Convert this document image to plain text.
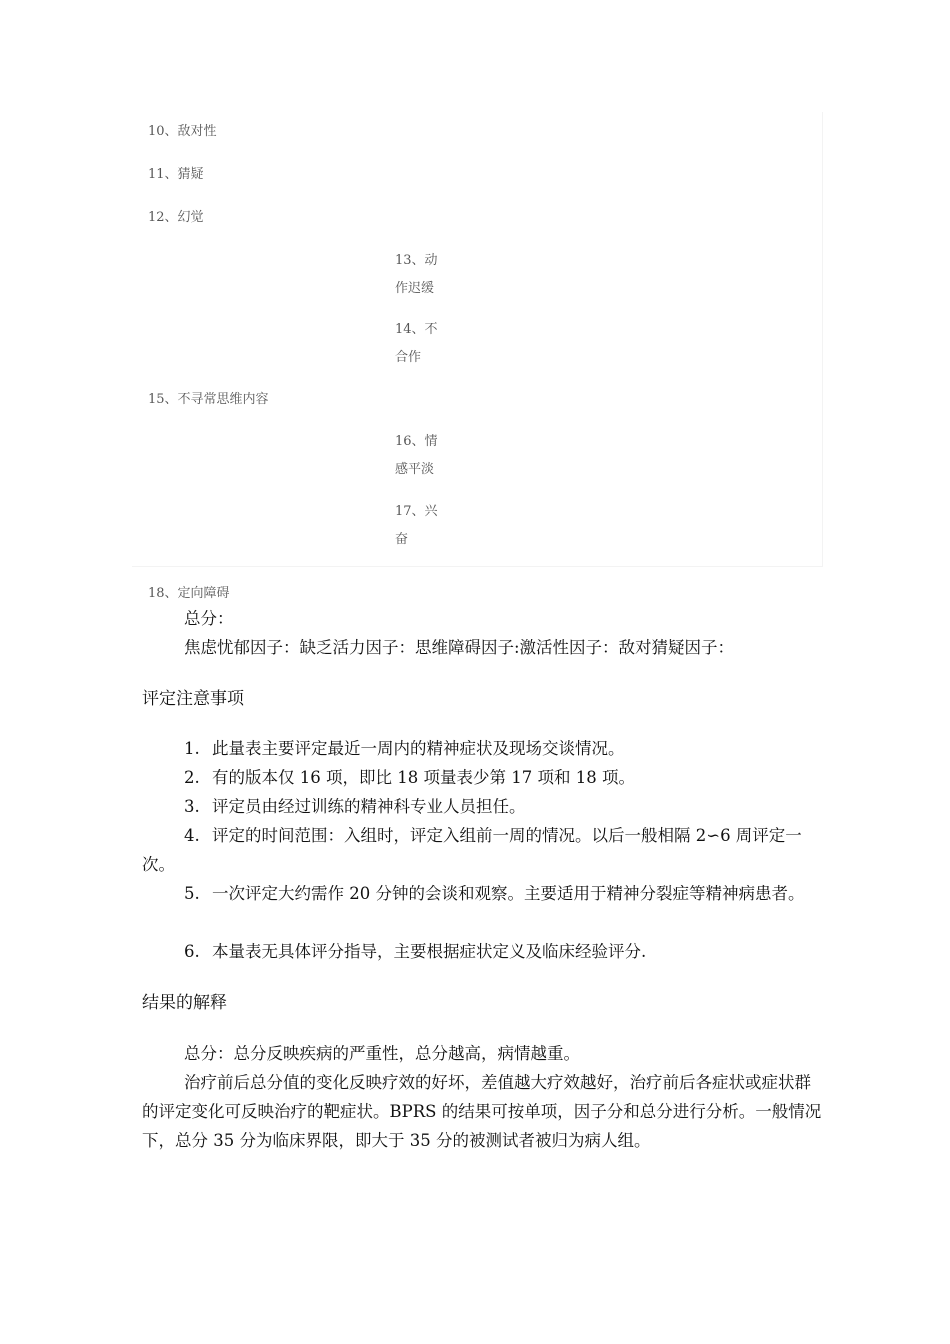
10、敌对性
11、猜疑
12、幻觉
13、动作迟缓
14、不合作
15、不寻常思维内容
16、情感平淡
17、兴奋
18、定向障碍
总分：
焦虑忧郁因子：缺乏活力因子：思维障碍因子:激活性因子：敌对猜疑因子：
评定注意事项
1. 此量表主要评定最近一周内的精神症状及现场交谈情况。
2. 有的版本仅 16 项，即比 18 项量表少第 17 项和 18 项。
3. 评定员由经过训练的精神科专业人员担任。
4. 评定的时间范围：入组时，评定入组前一周的情况。以后一般相隔 2∽6 周评定一次。
5. 一次评定大约需作 20 分钟的会谈和观察。主要适用于精神分裂症等精神病患者。
6. 本量表无具体评分指导，主要根据症状定义及临床经验评分.
结果的解释
总分：总分反映疾病的严重性，总分越高，病情越重。
治疗前后总分值的变化反映疗效的好坏，差值越大疗效越好，治疗前后各症状或症状群的评定变化可反映治疗的靶症状。BPRS 的结果可按单项，因子分和总分进行分析。一般情况下，总分 35 分为临床界限，即大于 35 分的被测试者被归为病人组。
